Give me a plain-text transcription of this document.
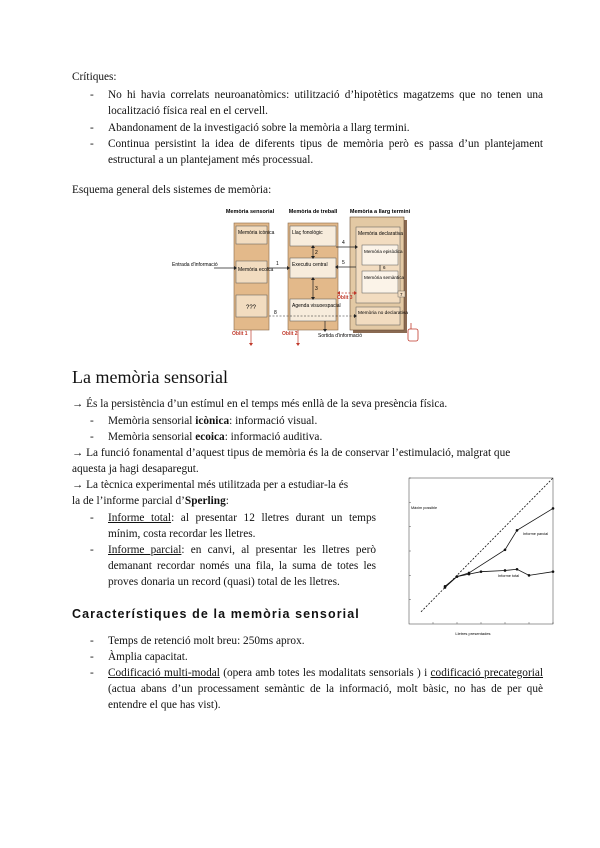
Crítiques:
- No hi havia correlats neuroanatòmics: utilització d’hipotètics magatzems que no tenen una localització física real en el cervell.
- Abandonament de la investigació sobre la memòria a llarg termini.
- Continua persistint la idea de diferents tipus de memòria però es passa d’un plantejament estructural a un plantejament més processual.
Esquema general dels sistemes de memòria:
Memòria sensorial	Memòria de treball Memòria a llarg termini
Memòria icònica
Memòria ecoica
???
Llaç fonològic
Executiu central
Agenda visuoespacial
Memòria declarativa
Memòria episòdica
Memòria semàntica
Memòria no declarativa
Entrada d'informació	1
2
3
4
5
6
7
Oblit 3
8
Oblit 1	Oblit 2	Sortida d'informació
La memòria sensorial
→ És la persistència d’un estímul en el temps més enllà de la seva presència física.
- Memòria sensorial icònica: informació visual.
- Memòria sensorial ecoica: informació auditiva.
→ La funció fonamental d’aquest tipus de memòria és la de conservar l’estimulació, malgrat que
aquesta ja hagi desaparegut.
→ La tècnica experimental més utilitzada per a estudiar-la és
la de l’informe parcial d’Sperling:
- Informe total: al presentar 12 lletres durant un temps mínim, costa recordar les lletres.
- Informe parcial: en canvi, al presentar les lletres però demanant recordar només una fila, la suma de totes les proves donaria un record (quasi) total de les lletres.
Màxim possible
Informe parcial
Informe total
Lletres presentades
Característiques de la memòria sensorial
- Temps de retenció molt breu: 250ms aprox.
- Àmplia capacitat.
- Codificació multi-modal (opera amb totes les modalitats sensorials ) i codificació precategorial (actua abans d’un processament semàntic de la informació, molt bàsic, no has de per què entendre el que has vist).
